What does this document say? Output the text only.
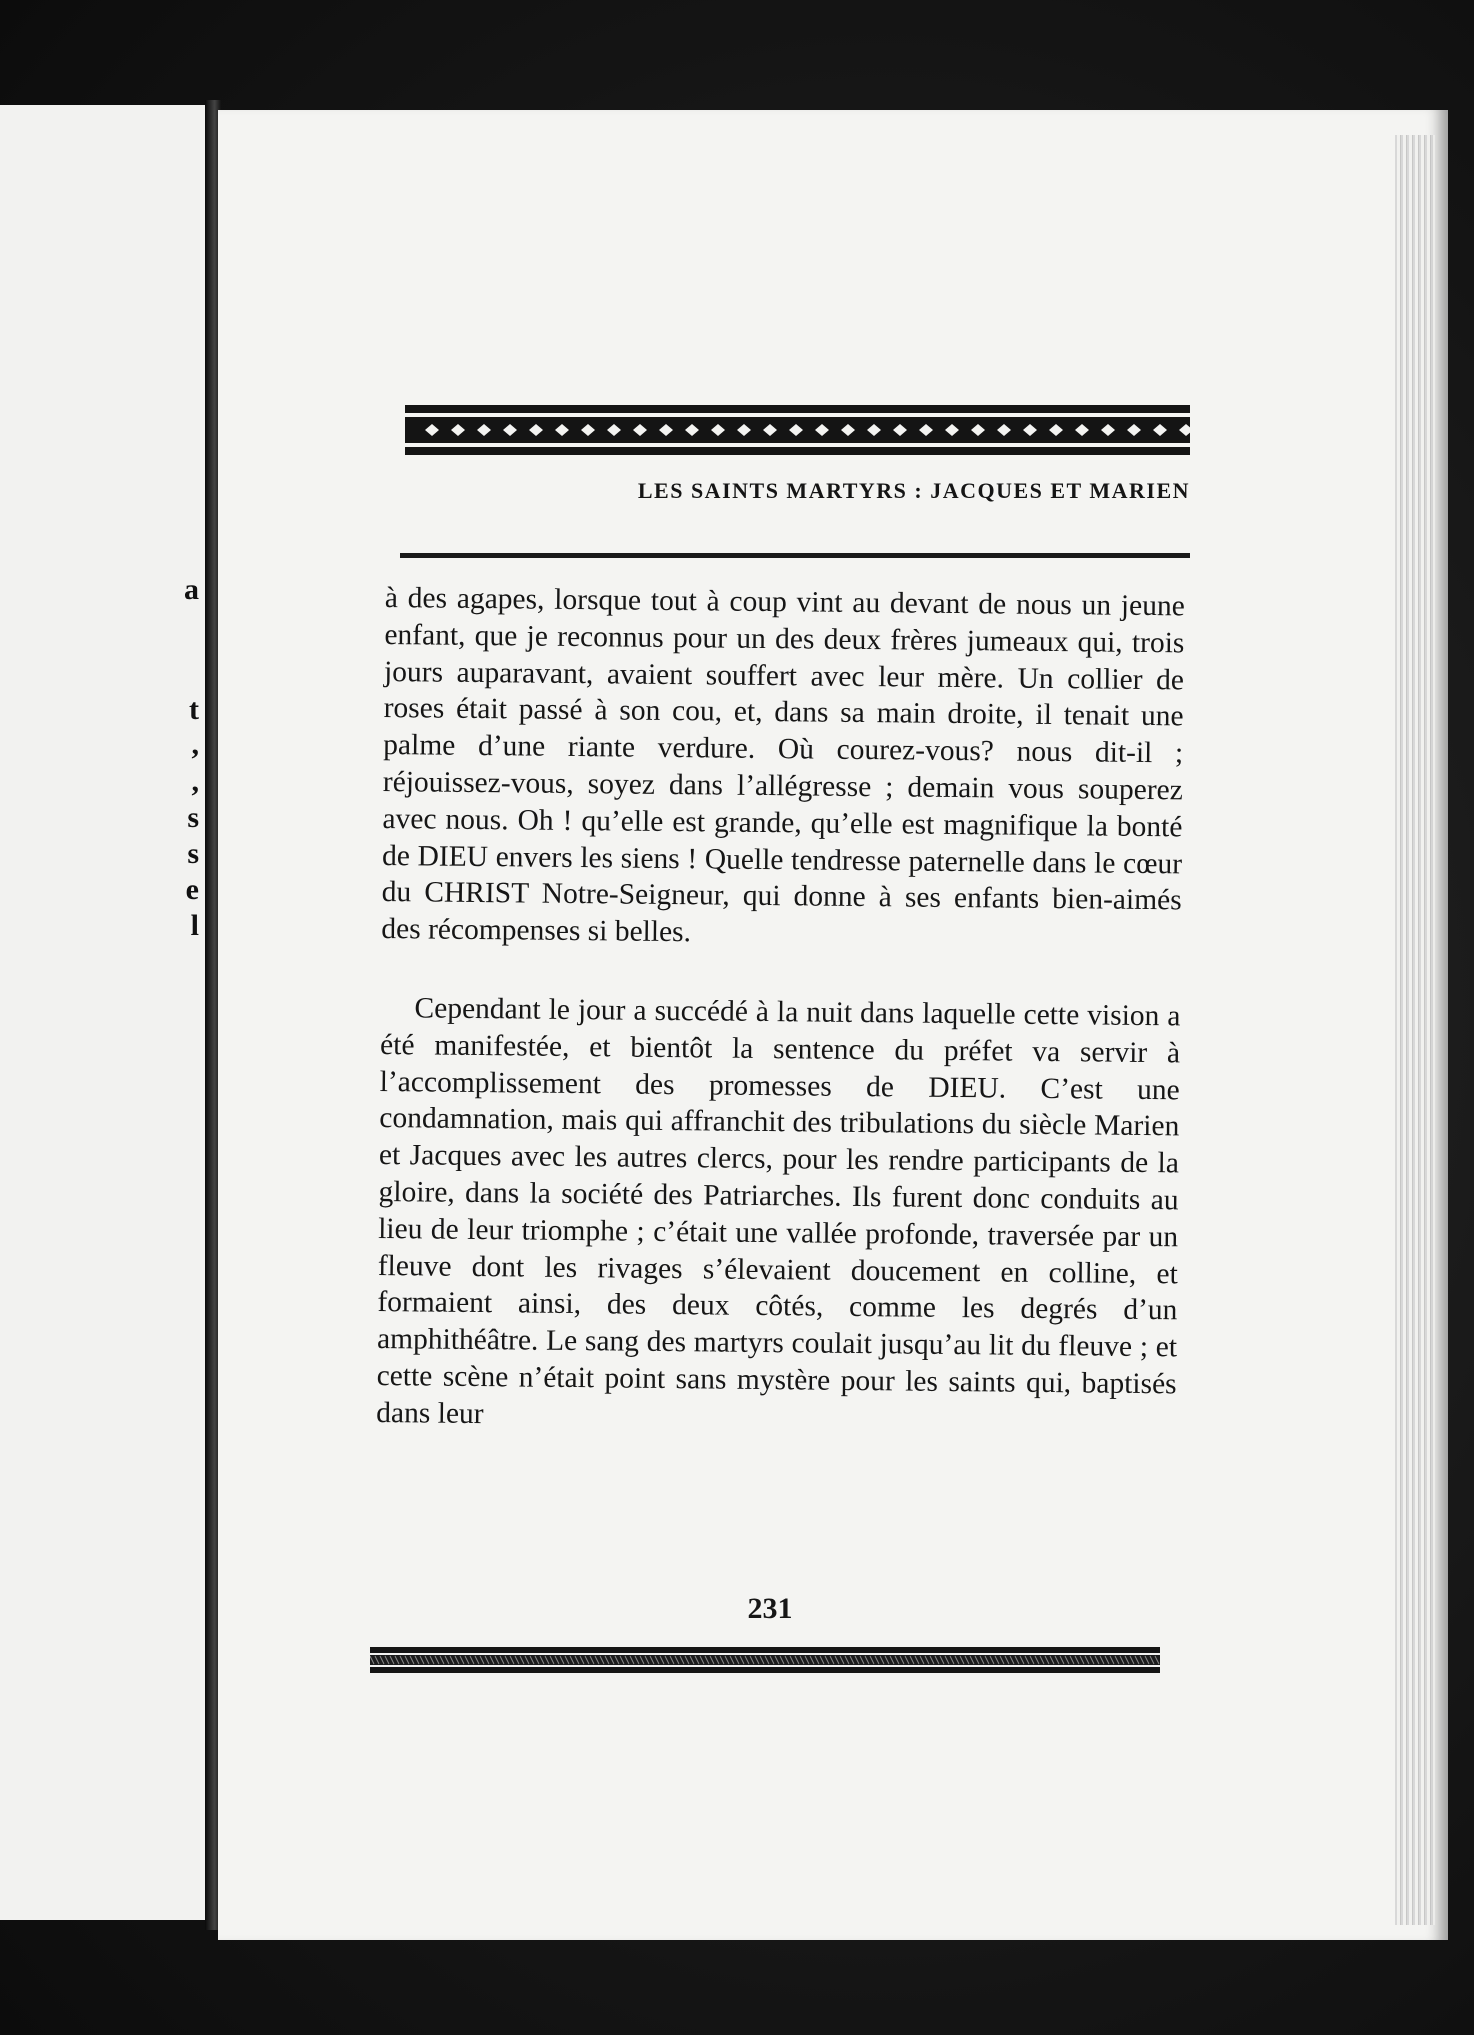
a
t
,
,
s
s
e
l
LES SAINTS MARTYRS : JACQUES ET MARIEN

à des agapes, lorsque tout à coup vint au devant de nous un jeune enfant, que je reconnus pour un des deux frères jumeaux qui, trois jours auparavant, avaient souffert avec leur mère. Un collier de roses était passé à son cou, et, dans sa main droite, il tenait une palme d’une riante verdure. Où courez-vous? nous dit-il ; réjouissez-vous, soyez dans l’allégresse ; demain vous souperez avec nous. Oh ! qu’elle est grande, qu’elle est magnifique la bonté de DIEU envers les siens ! Quelle tendresse paternelle dans le cœur du CHRIST Notre-Seigneur, qui donne à ses enfants bien-aimés des récompenses si belles.

Cependant le jour a succédé à la nuit dans laquelle cette vision a été manifestée, et bientôt la sentence du préfet va servir à l’accomplissement des promesses de DIEU. C’est une condamnation, mais qui affranchit des tribulations du siècle Marien et Jacques avec les autres clercs, pour les rendre participants de la gloire, dans la société des Patriarches. Ils furent donc conduits au lieu de leur triomphe ; c’était une vallée profonde, traversée par un fleuve dont les rivages s’élevaient doucement en colline, et formaient ainsi, des deux côtés, comme les degrés d’un amphithéâtre. Le sang des martyrs coulait jusqu’au lit du fleuve ; et cette scène n’était point sans mystère pour les saints qui, baptisés dans leur

231
